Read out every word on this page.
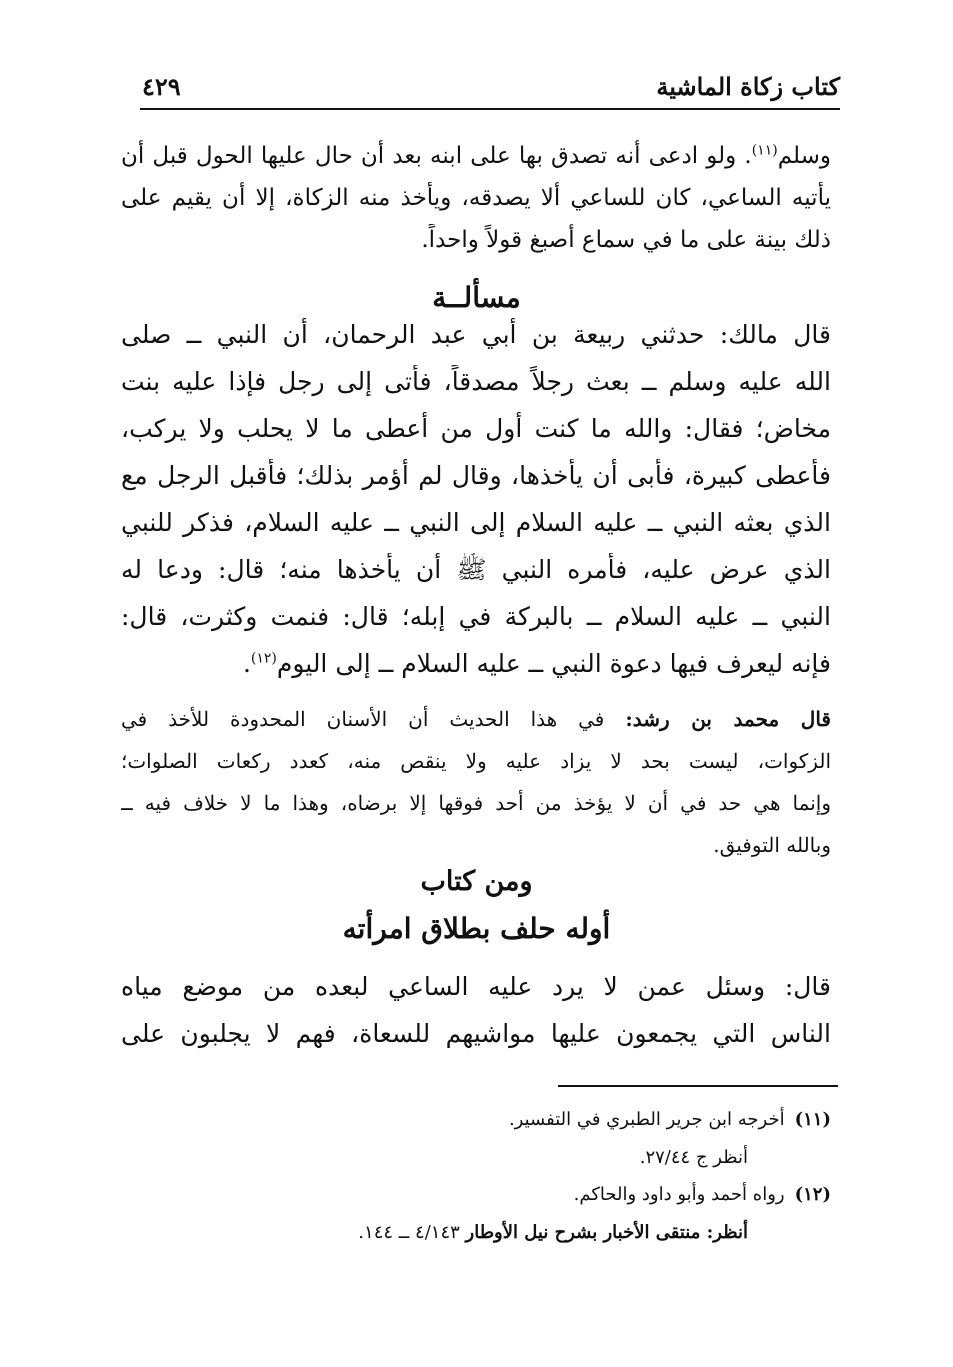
كتاب زكاة الماشية
٤٢٩
وسلم$^{(١١)}$. ولو ادعى أنه تصدق بها على ابنه بعد أن حال عليها الحول قبل أن
يأتيه الساعي، كان للساعي ألا يصدقه، ويأخذ منه الزكاة، إلا أن يقيم على
ذلك بينة على ما في سماع أصبغ قولاً واحداً.
مسألــة
قال مالك: حدثني ربيعة بن أبي عبد الرحمان، أن النبي ــ صلى
الله عليه وسلم ــ بعث رجلاً مصدقاً، فأتى إلى رجل فإذا عليه بنت
مخاض؛ فقال: والله ما كنت أول من أعطى ما لا يحلب ولا يركب،
فأعطى كبيرة، فأبى أن يأخذها، وقال لم أؤمر بذلك؛ فأقبل الرجل مع
الذي بعثه النبي ــ عليه السلام إلى النبي ــ عليه السلام، فذكر للنبي
الذي عرض عليه، فأمره النبي ﷺ أن يأخذها منه؛ قال: ودعا له
النبي ــ عليه السلام ــ بالبركة في إبله؛ قال: فنمت وكثرت، قال:
فإنه ليعرف فيها دعوة النبي ــ عليه السلام ــ إلى اليوم$^{(١٢)}$.
قال محمد بن رشد: في هذا الحديث أن الأسنان المحدودة للأخذ في
الزكوات، ليست بحد لا يزاد عليه ولا ينقص منه، كعدد ركعات الصلوات؛
وإنما هي حد في أن لا يؤخذ من أحد فوقها إلا برضاه، وهذا ما لا خلاف فيه ــ
وبالله التوفيق.
ومن كتاب
أوله حلف بطلاق امرأته
قال: وسئل عمن لا يرد عليه الساعي لبعده من موضع مياه
الناس التي يجمعون عليها مواشيهم للسعاة، فهم لا يجلبون على
(١١)أخرجه ابن جرير الطبري في التفسير.
أنظر ج ٢٧/٤٤.
(١٢)رواه أحمد وأبو داود والحاكم.
أنظر: منتقى الأخبار بشرح نيل الأوطار ٤/١٤٣ ــ ١٤٤.
